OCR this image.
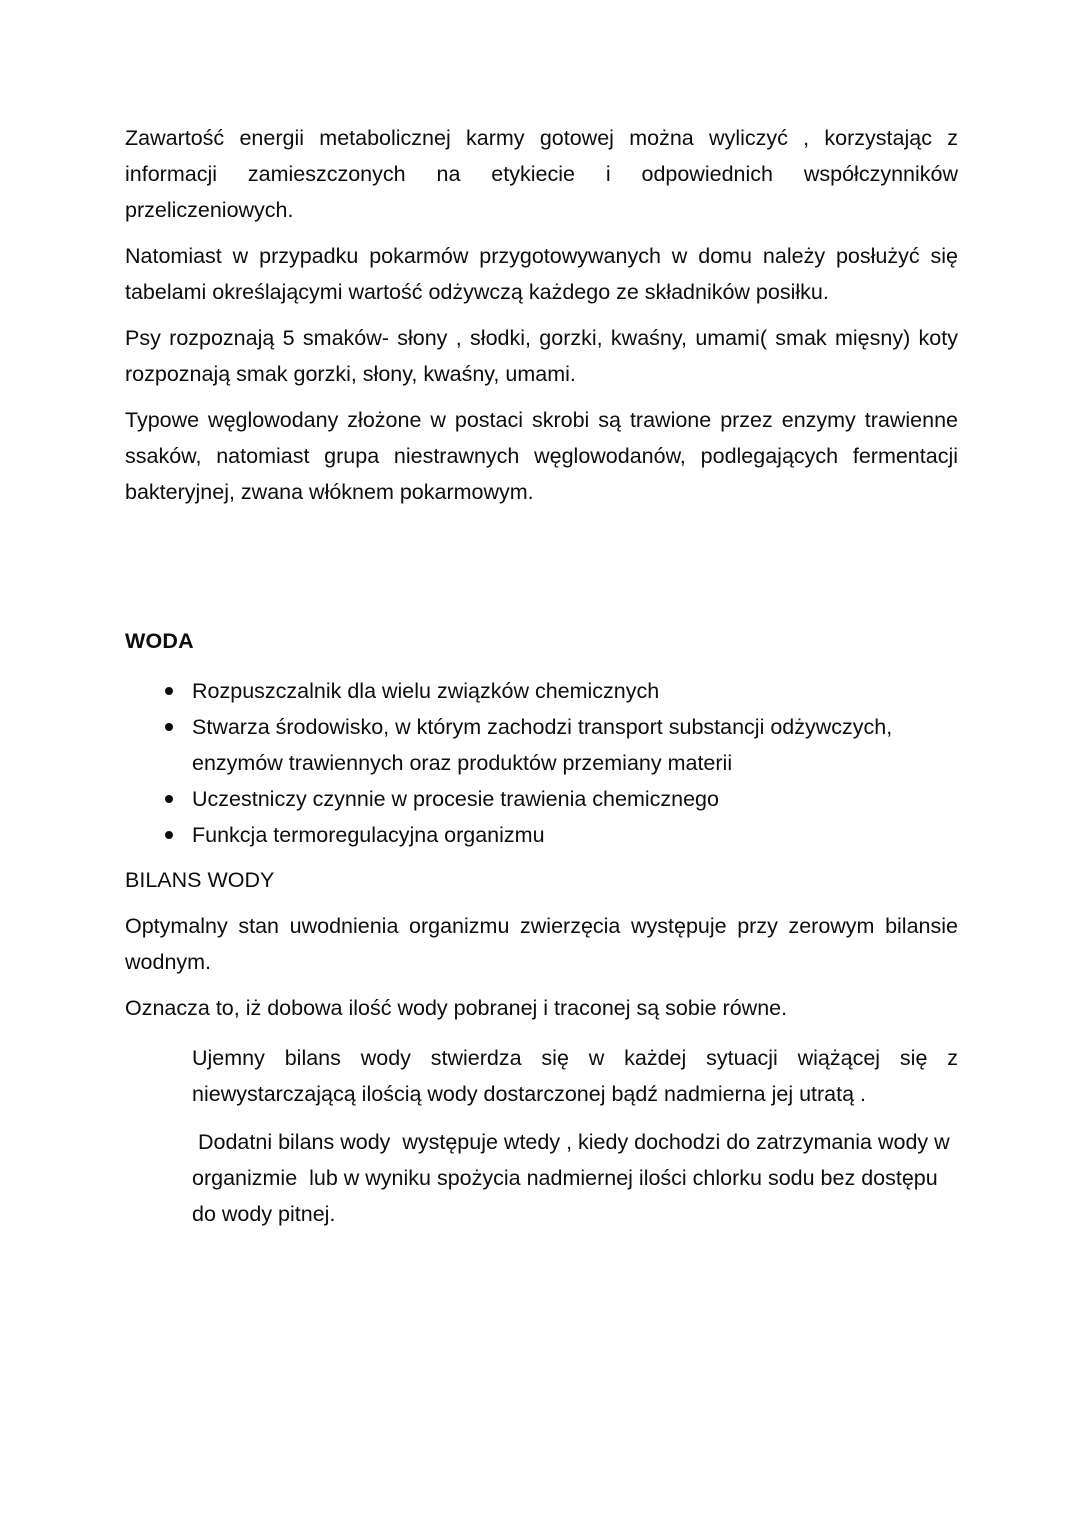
Zawartość energii metabolicznej karmy gotowej można wyliczyć , korzystając z informacji zamieszczonych na etykiecie i odpowiednich współczynników przeliczeniowych.

Natomiast w przypadku pokarmów przygotowywanych w domu należy posłużyć się tabelami określającymi wartość odżywczą każdego ze składników posiłku.

Psy rozpoznają 5 smaków- słony , słodki, gorzki, kwaśny, umami( smak mięsny) koty rozpoznają smak gorzki, słony, kwaśny, umami.

Typowe węglowodany złożone w postaci skrobi są trawione przez enzymy trawienne ssaków, natomiast grupa niestrawnych węglowodanów, podlegających fermentacji bakteryjnej, zwana włóknem pokarmowym.

WODA
Rozpuszczalnik dla wielu związków chemicznych
Stwarza środowisko, w którym zachodzi transport substancji odżywczych, enzymów trawiennych oraz produktów przemiany materii
Uczestniczy czynnie w procesie trawienia chemicznego
Funkcja termoregulacyjna organizmu
BILANS WODY

Optymalny stan uwodnienia organizmu zwierzęcia występuje przy zerowym bilansie wodnym.

Oznacza to, iż dobowa ilość wody pobranej i traconej są sobie równe.

Ujemny bilans wody stwierdza się w każdej sytuacji wiążącej się z niewystarczającą ilością wody dostarczonej bądź nadmierna jej utratą .

Dodatni bilans wody  występuje wtedy , kiedy dochodzi do zatrzymania wody w organizmie  lub w wyniku spożycia nadmiernej ilości chlorku sodu bez dostępu do wody pitnej.
